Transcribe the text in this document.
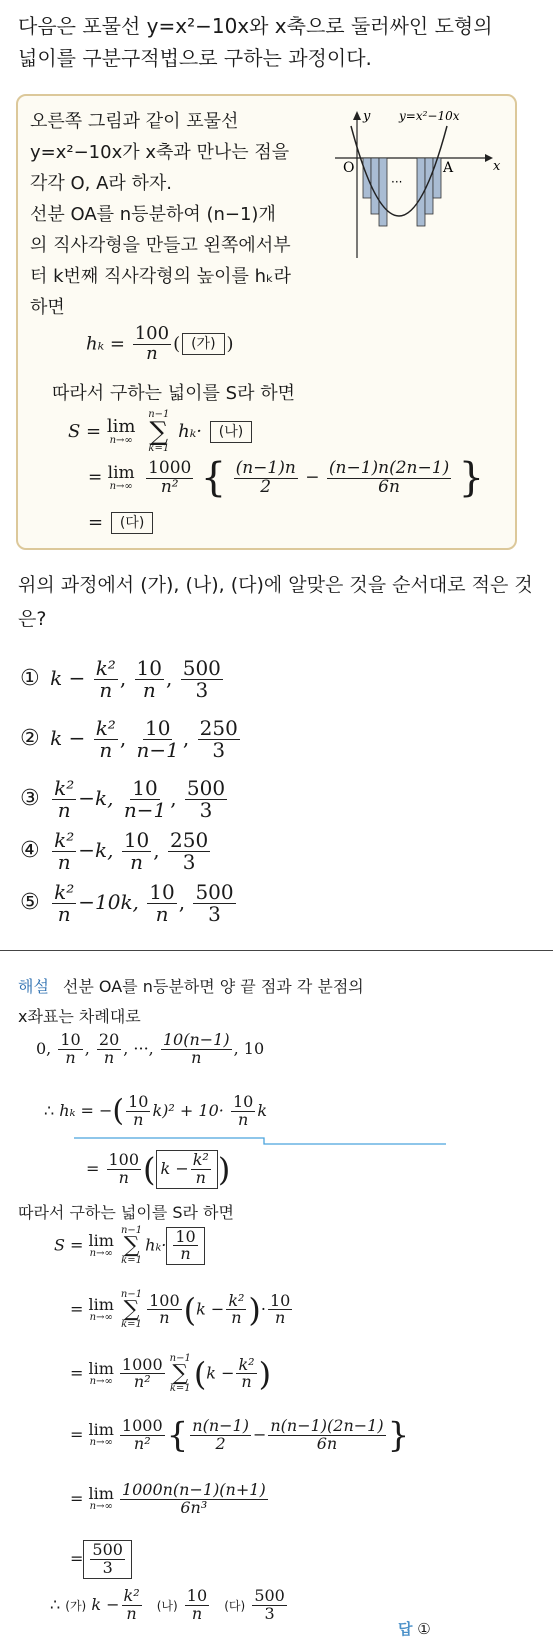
다음은 포물선 y=x²−10x와 x축으로 둘러싸인 도형의
넓이를 구분구적법으로 구하는 과정이다.
오른쪽 그림과 같이 포물선
y=x²−10x가 x축과 만나는 점을
각각 O, A라 하자.
선분 OA를 n등분하여 (n−1)개
의 직사각형을 만들고 왼쪽에서부
터 k번째 직사각형의 높이를 hₖ라
하면
O	A
···
y
x
y=x²−10x
$h_k = \frac{100}{n}$ ( (가) )
따라서 구하는 넓이를 S라 하면
S = lim
n→∞

n−1
∑
k=1
hₖ· (나)
= lim
n→∞
$\frac{1000}{\text{n²}}$ { $\frac{(n-1)n}{2} - \frac{(n-1)n(2n-1)}{6n}$ }
= (다)
위의 과정에서 (가), (나), (다)에 알맞은 것을 순서대로 적은 것
은?
① $k - \frac{\text{k²}}{n}$ , $\frac{10}{n}$ , $\frac{500}{3}$
② $k - \frac{\text{k²}}{n}$ , $\frac{10}{n-1}$ , $\frac{250}{3}$
③ $\frac{\text{k²}}{n} -k$, $\frac{10}{n-1}$ , $\frac{500}{3}$
④ $\frac{\text{k²}}{n} -k$, $\frac{10}{n}$ , $\frac{250}{3}$
⑤ $\frac{\text{k²}}{n} -10k$, $\frac{10}{n}$ , $\frac{500}{3}$
해설 선분 OA를 n등분하면 양 끝 점과 각 분점의
x좌표는 차례대로
0, $\frac{10}{n}$ , $\frac{20}{n}$ , ···, $\frac{10(n-1)}{n}$ , 10
∴ hₖ = −( $\frac{10}{n} k)^2 + 10\cdot \frac{10}{n}$ k
= $\frac{100}{n}$ ( $k - \frac{\text{k²}}{n}$ )
따라서 구하는 넓이를 S라 하면
S = lim
n→∞
n−1
∑
k=1
$h_k\cdot \frac{10}{n}$
= lim
n→∞
n−1
∑
$k=1 \frac{100}{n} (k - \frac{\text{k²}}{n}$ )· $\frac{10}{n}$
= lim
$n\to\infty \frac{1000}{\text{n²}} n-1$
∑
k=1 ($k - \frac{\text{k²}}{n}$ )
= lim
$n\to\infty \frac{1000}{\text{n²}}$ { $\frac{n(n-1)}{2} - \frac{n(n-1)(2n-1)}{6n}$ }
= lim
$n\to\infty \frac{1000n(n-1)(n+1)}{\text{6n³}}$
= $\frac{500}{3}$
∴ (가) $k - \frac{\text{k²}}{n}$ (나) $\frac{10}{n}$ (다) $\frac{500}{3}$
답 ①
